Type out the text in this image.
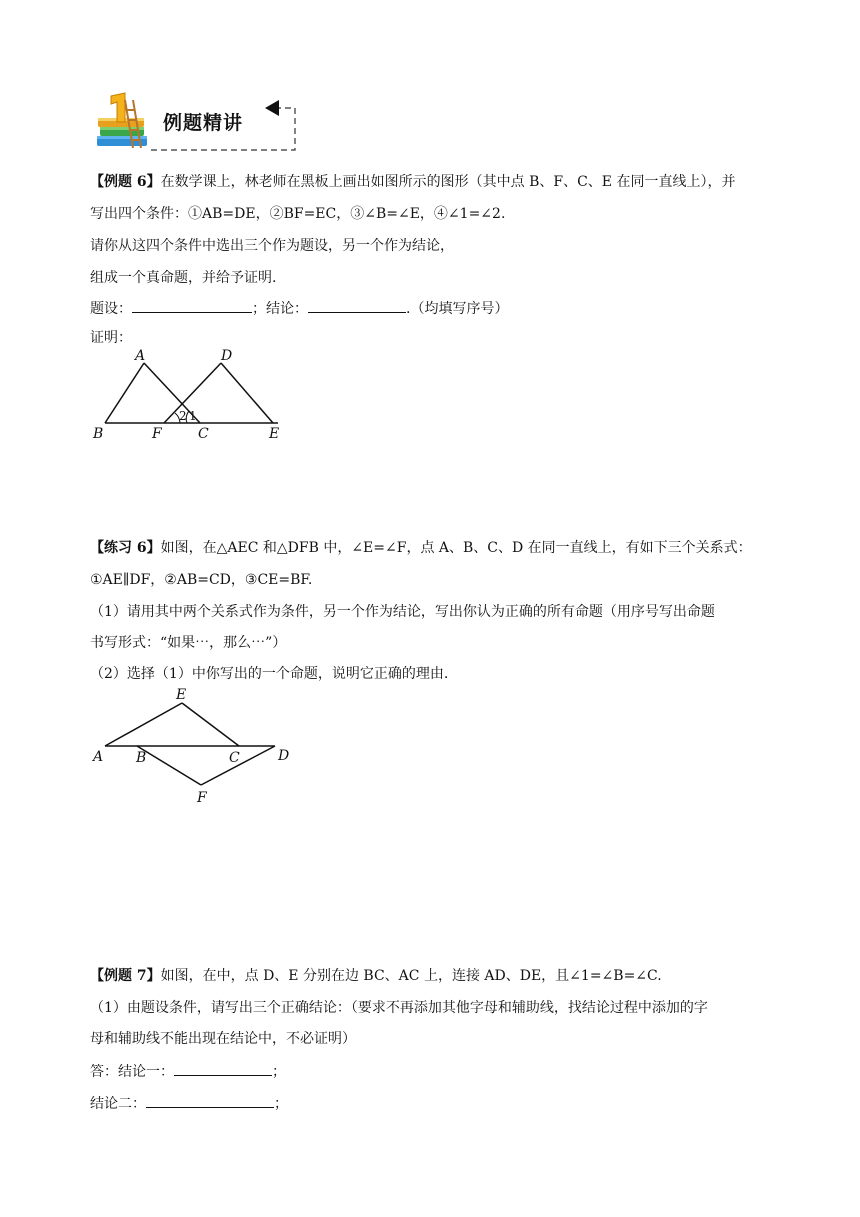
例题精讲
【例题 6】在数学课上，林老师在黑板上画出如图所示的图形（其中点 B、F、C、E 在同一直线上），并
写出四个条件：①AB=DE，②BF=EC，③∠B=∠E，④∠1=∠2.
请你从这四个条件中选出三个作为题设，另一个作为结论，
组成一个真命题，并给予证明.
题设：	；结论：	.（均填写序号）
证明：
A	D
B	F	C	E
2 1
【练习 6】如图，在△AEC 和△DFB 中，∠E=∠F，点 A、B、C、D 在同一直线上，有如下三个关系式：
①AE∥DF，②AB=CD，③CE=BF.
（1）请用其中两个关系式作为条件，另一个作为结论，写出你认为正确的所有命题（用序号写出命题
书写形式：“如果⋯，那么⋯”）
（2）选择（1）中你写出的一个命题，说明它正确的理由.
E
A B	C	D
F
【例题 7】如图，在中，点 D、E 分别在边 BC、AC 上，连接 AD、DE，且∠1=∠B=∠C.
（1）由题设条件，请写出三个正确结论：（要求不再添加其他字母和辅助线，找结论过程中添加的字
母和辅助线不能出现在结论中，不必证明）
答：结论一：	；
结论二：	；
